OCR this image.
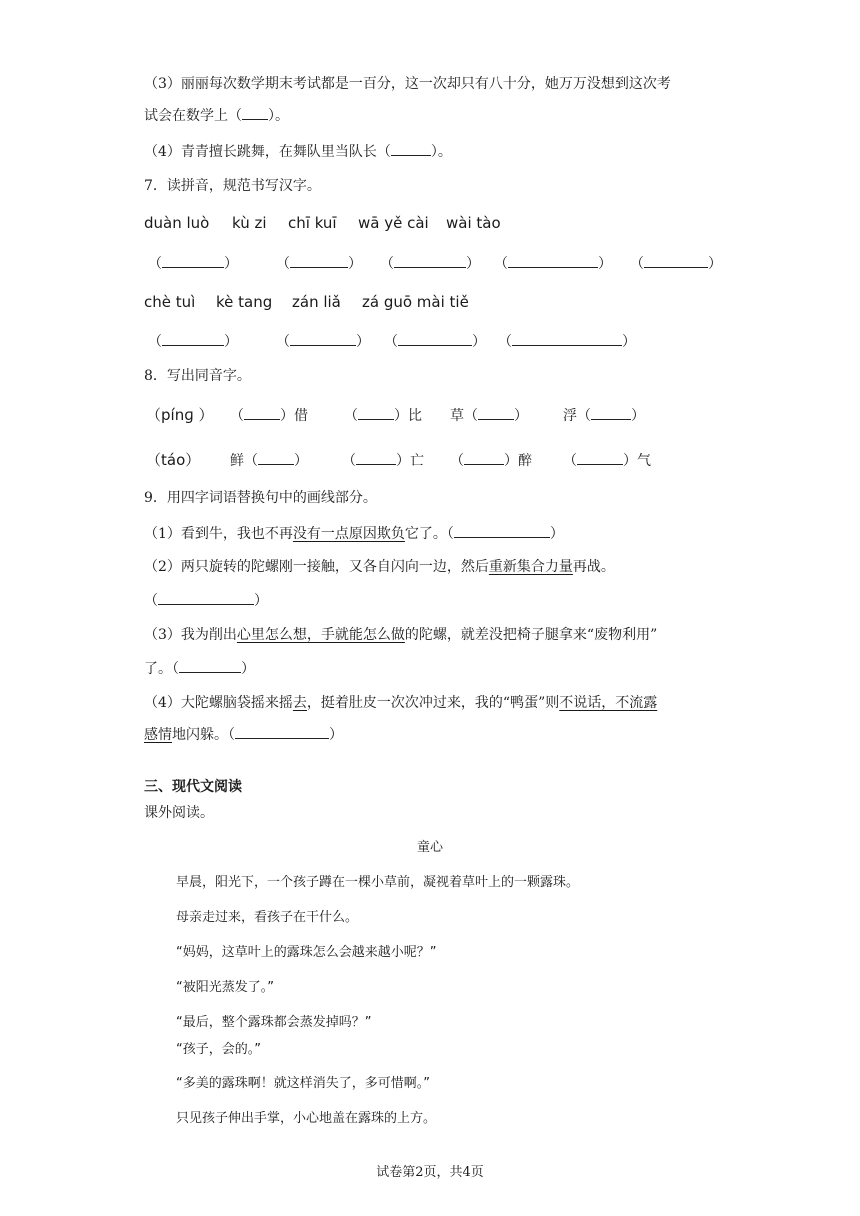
（3）丽丽每次数学期末考试都是一百分，这一次却只有八十分，她万万没想到这次考
试会在数学上（ ）。
（4）青青擅长跳舞，在舞队里当队长（	）。
7．读拼音，规范书写汉字。
duàn luò kù zi chī kuī wā yě cài wài tào
（	）	（	） （	） （	） （	）
chè tuì kè tang zán liǎ zá guō mài tiě
（	）	（	） （	） （	）
8．写出同音字。
（pínɡ ） （	）借	（	）比 草（	）	浮（	）
（táo） 鲜（	） （	）亡 （	）醉 （	）气
9．用四字词语替换句中的画线部分。
（1）看到牛，我也不再没有一点原因欺负它了。（	）
（2）两只旋转的陀螺刚一接触，又各自闪向一边，然后重新集合力量再战。
（	）
（3）我为削出心里怎么想，手就能怎么做的陀螺，就差没把椅子腿拿来“废物利用”
了。（	）
（4）大陀螺脑袋摇来摇去，挺着肚皮一次次冲过来，我的“鸭蛋”则不说话，不流露
感情地闪躲。（	）
三、现代文阅读
课外阅读。
童心
早晨，阳光下，一个孩子蹲在一棵小草前，凝视着草叶上的一颗露珠。
母亲走过来，看孩子在干什么。
“妈妈，这草叶上的露珠怎么会越来越小呢？”
“被阳光蒸发了。”
“最后，整个露珠都会蒸发掉吗？”
“孩子，会的。”
“多美的露珠啊！就这样消失了，多可惜啊。”
只见孩子伸出手掌，小心地盖在露珠的上方。
试卷第2页，共4页
